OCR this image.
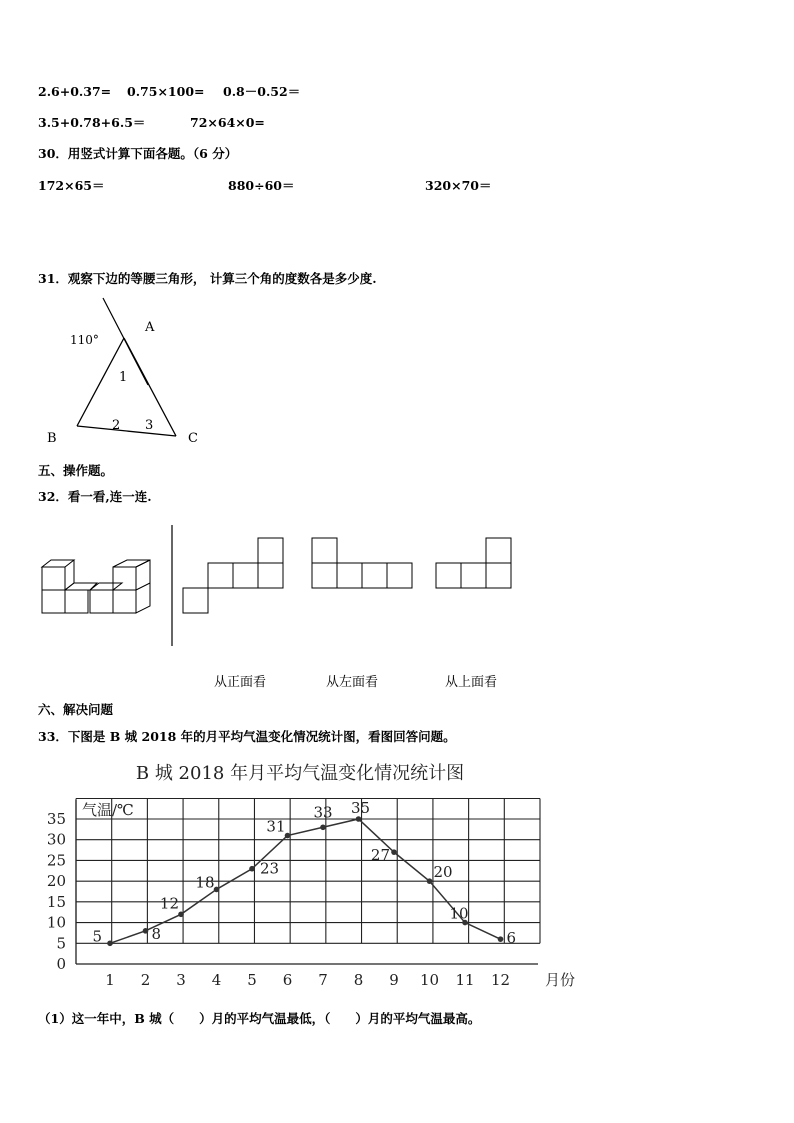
2.6+0.37= 0.75×100= 0.8－0.52＝
3.5+0.78+6.5＝	72×64×0=
30．用竖式计算下面各题。（6 分）
172×65＝	880÷60＝	320×70＝
31．观察下边的等腰三角形， 计算三个角的度数各是多少度.
110°
A
B	C
1
2 3
五、操作题。
32．看一看,连一连.
从正面看	从左面看	从上面看
六、解决问题
33．下图是 B 城 2018 年的月平均气温变化情况统计图，看图回答问题。
B 城 2018 年月平均气温变化情况统计图
0
5
10
15
20
25
30
35
1 2 3 4 5 6 7 8 9 10 11 12
5	8
12
18
23
31
33 35
27
20
10
6
气温/℃
月份
（1）这一年中，B 城（　　）月的平均气温最低，（　　）月的平均气温最高。
